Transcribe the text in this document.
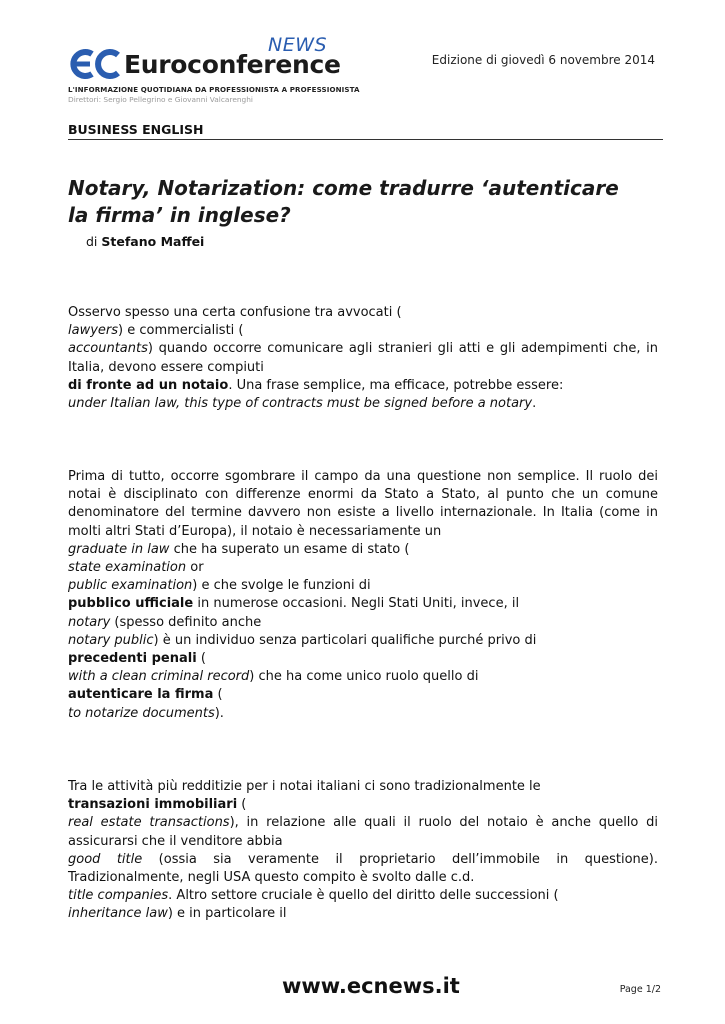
NEWS
Euroconference
L'INFORMAZIONE QUOTIDIANA DA PROFESSIONISTA A PROFESSIONISTA
Direttori: Sergio Pellegrino e Giovanni Valcarenghi
Edizione di giovedì 6 novembre 2014
BUSINESS ENGLISH
Notary, Notarization: come tradurre ‘autenticare la firma’ in inglese?
di Stefano Maffei

Osservo spesso una certa confusione tra avvocati (

lawyers) e commercialisti (

accountants) quando occorre comunicare agli stranieri gli atti e gli adempimenti che, in Italia, devono essere compiuti

di fronte ad un notaio. Una frase semplice, ma efficace, potrebbe essere:

under Italian law, this type of contracts must be signed before a notary.

Prima di tutto, occorre sgombrare il campo da una questione non semplice. Il ruolo dei notai è disciplinato con differenze enormi da Stato a Stato, al punto che un comune denominatore del termine davvero non esiste a livello internazionale. In Italia (come in molti altri Stati d’Europa), il notaio è necessariamente un

graduate in law che ha superato un esame di stato (

state examination or

public examination) e che svolge le funzioni di

pubblico ufficiale in numerose occasioni. Negli Stati Uniti, invece, il

notary (spesso definito anche

notary public) è un individuo senza particolari qualifiche purché privo di

precedenti penali (

with a clean criminal record) che ha come unico ruolo quello di

autenticare la firma (

to notarize documents).

Tra le attività più redditizie per i notai italiani ci sono tradizionalmente le

transazioni immobiliari (

real estate transactions), in relazione alle quali il ruolo del notaio è anche quello di assicurarsi che il venditore abbia

good title (ossia sia veramente il proprietario dell’immobile in questione). Tradizionalmente, negli USA questo compito è svolto dalle c.d.

title companies. Altro settore cruciale è quello del diritto delle successioni (

inheritance law) e in particolare il

www.ecnews.it	Page 1/2
